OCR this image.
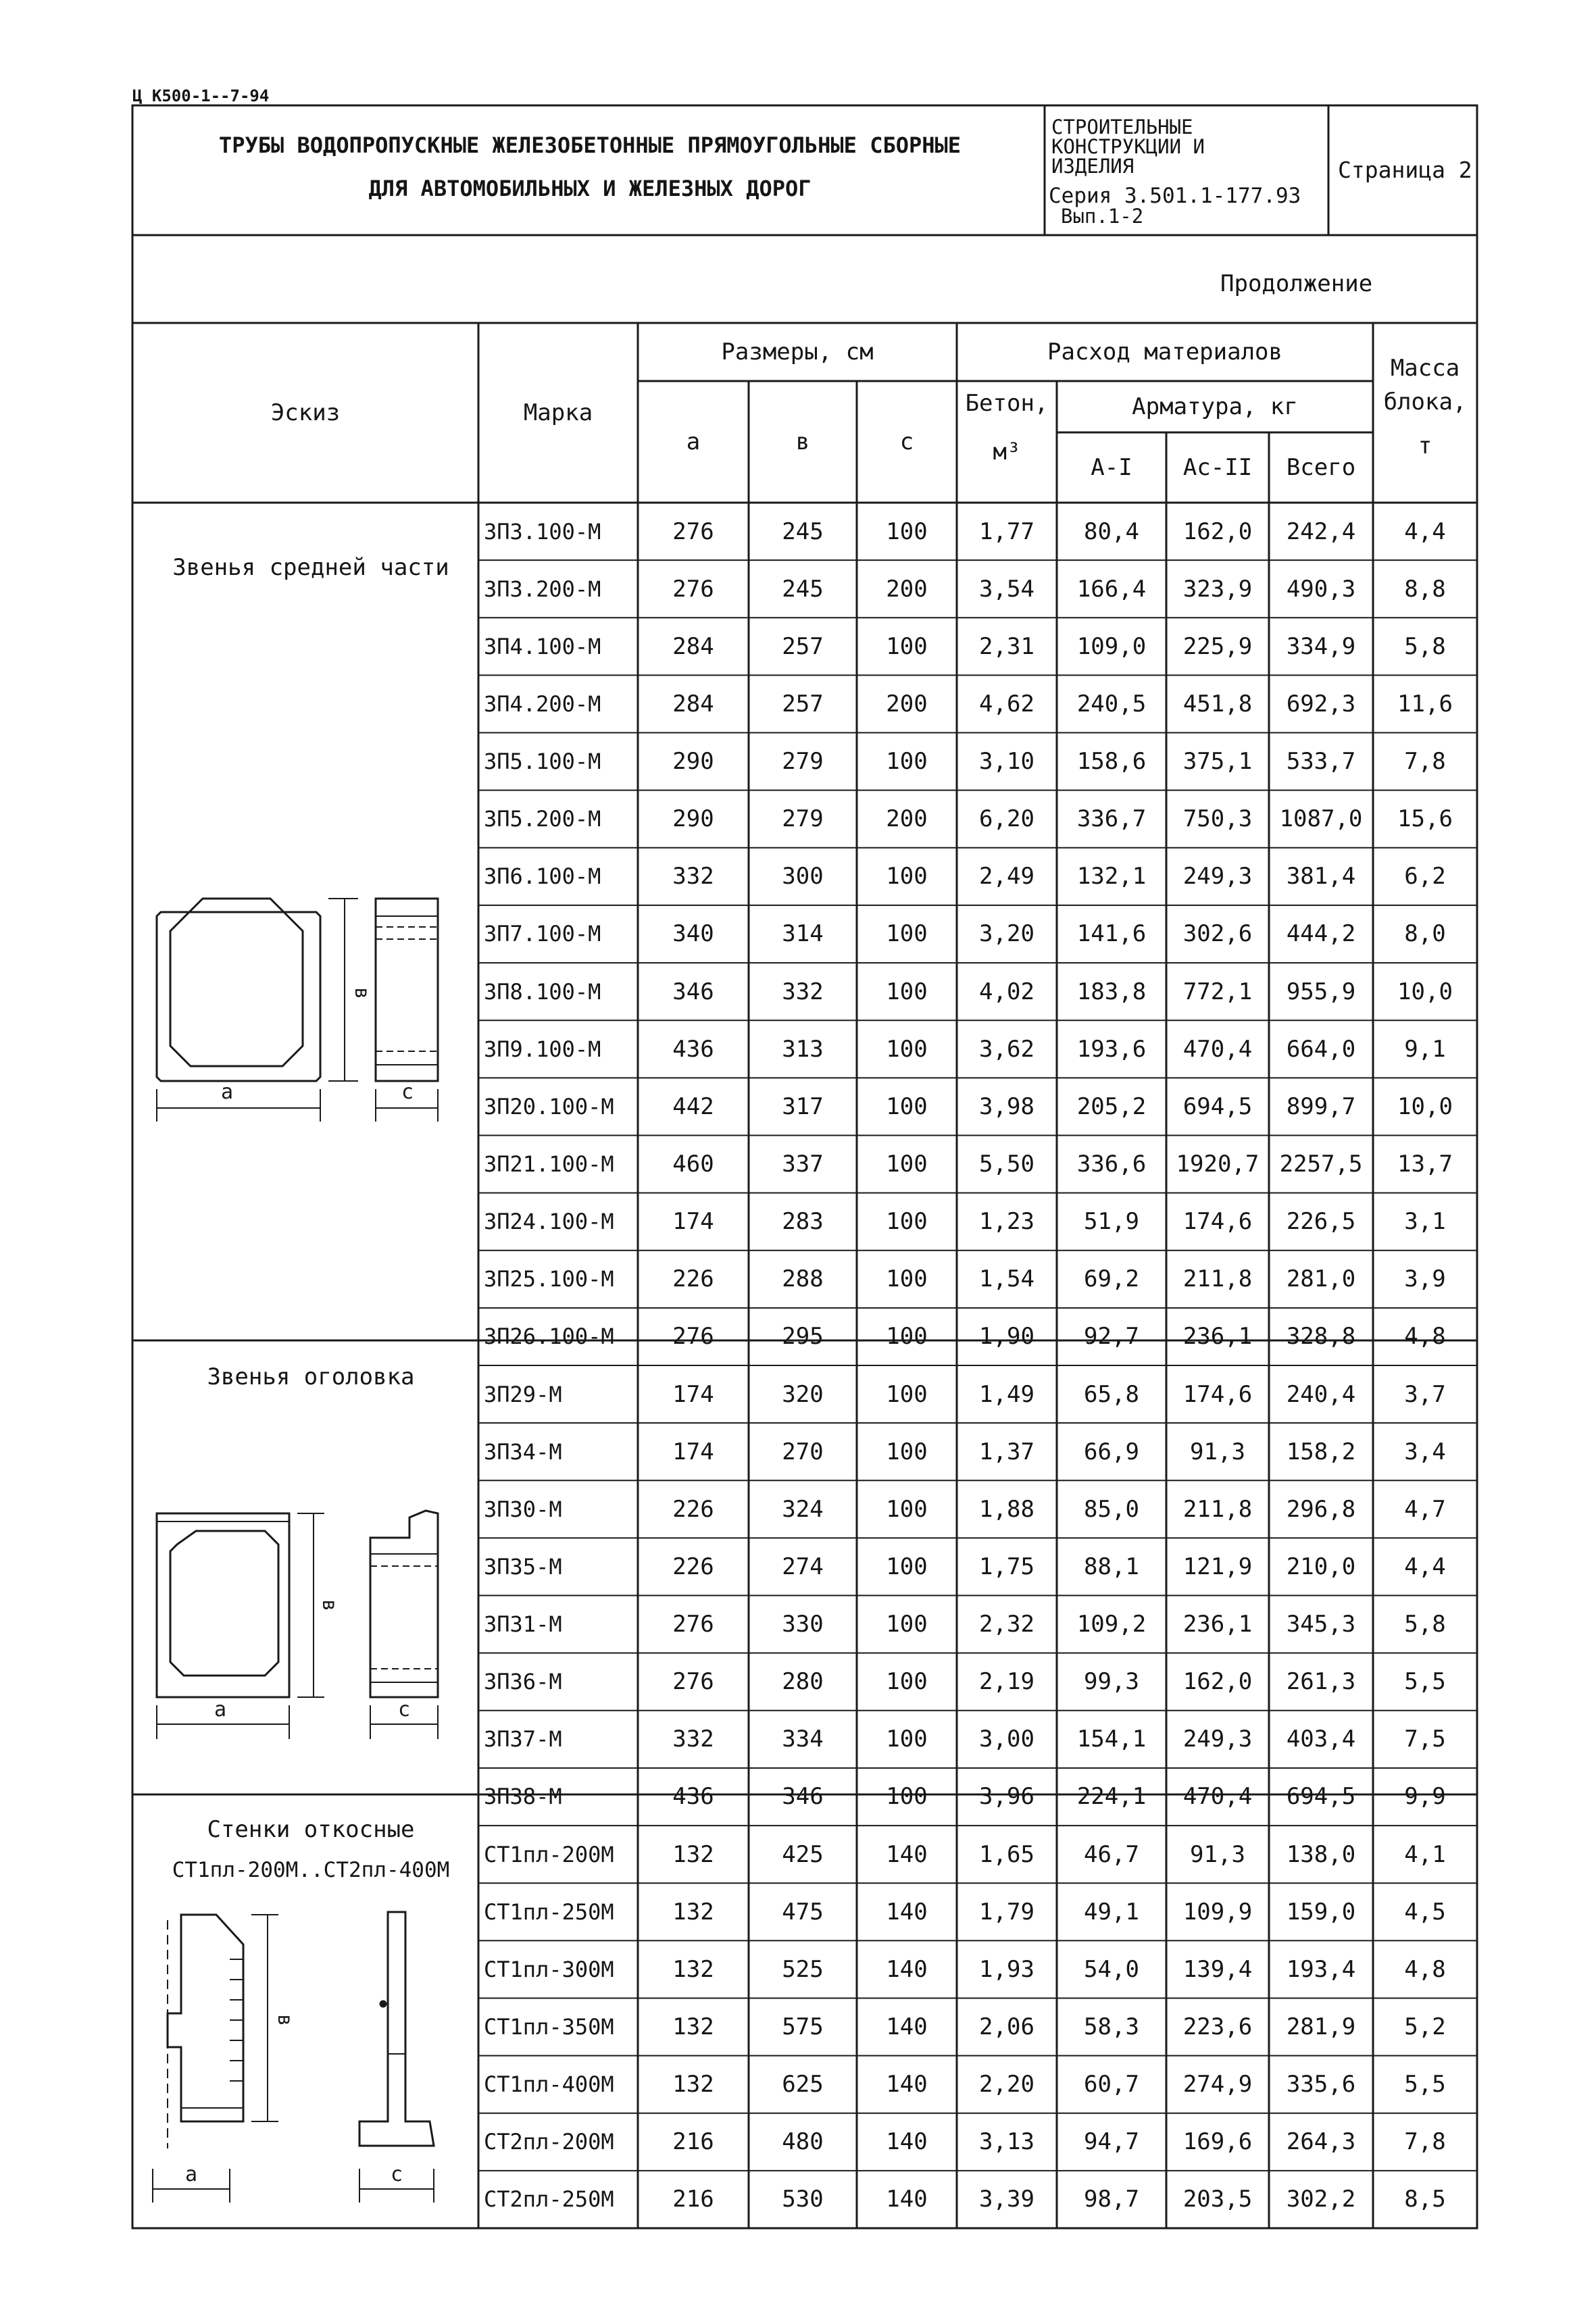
Ц К500-1--7-94
ТРУБЫ ВОДОПРОПУСКНЫЕ ЖЕЛЕЗОБЕТОННЫЕ ПРЯМОУГОЛЬНЫЕ СБОРНЫЕ
ДЛЯ АВТОМОБИЛЬНЫХ И ЖЕЛЕЗНЫХ ДОРОГ
СТРОИТЕЛЬНЫЕ
КОНСТРУКЦИИ И
ИЗДЕЛИЯ
Серия 3.501.1-177.93
Вып.1-2
Страница 2
Продолжение
Эскиз	Марка
Размеры, см
а	в	с
Расход материалов
Бетон,
м³
Арматура, кг
А-I	Ас-II	Всего
Масса
блока,
т
Звенья средней части
Звенья оголовка
Стенки откосные
СТ1пл-200М..СТ2пл-400М
а	с
в
а	с
в
а	с
в
3П3.100-М	276	245	100	1,77	80,4	162,0	242,4	4,4
3П3.200-М	276	245	200	3,54	166,4	323,9	490,3	8,8
3П4.100-М	284	257	100	2,31	109,0	225,9	334,9	5,8
3П4.200-М	284	257	200	4,62	240,5	451,8	692,3	11,6
3П5.100-М	290	279	100	3,10	158,6	375,1	533,7	7,8
3П5.200-М	290	279	200	6,20	336,7	750,3	1087,0	15,6
3П6.100-М	332	300	100	2,49	132,1	249,3	381,4	6,2
3П7.100-М	340	314	100	3,20	141,6	302,6	444,2	8,0
3П8.100-М	346	332	100	4,02	183,8	772,1	955,9	10,0
3П9.100-М	436	313	100	3,62	193,6	470,4	664,0	9,1
3П20.100-М	442	317	100	3,98	205,2	694,5	899,7	10,0
3П21.100-М	460	337	100	5,50	336,6	1920,7 2257,5	13,7
3П24.100-М	174	283	100	1,23	51,9	174,6	226,5	3,1
3П25.100-М	226	288	100	1,54	69,2	211,8	281,0	3,9
3П26.100-М	276	295	100	1,90	92,7	236,1	328,8	4,8
3П29-М	174	320	100	1,49	65,8	174,6	240,4	3,7
3П34-М	174	270	100	1,37	66,9	91,3	158,2	3,4
3П30-М	226	324	100	1,88	85,0	211,8	296,8	4,7
3П35-М	226	274	100	1,75	88,1	121,9	210,0	4,4
3П31-М	276	330	100	2,32	109,2	236,1	345,3	5,8
3П36-М	276	280	100	2,19	99,3	162,0	261,3	5,5
3П37-М	332	334	100	3,00	154,1	249,3	403,4	7,5
3П38-М	436	346	100	3,96	224,1	470,4	694,5	9,9
СТ1пл-200М	132	425	140	1,65	46,7	91,3	138,0	4,1
СТ1пл-250М	132	475	140	1,79	49,1	109,9	159,0	4,5
СТ1пл-300М	132	525	140	1,93	54,0	139,4	193,4	4,8
СТ1пл-350М	132	575	140	2,06	58,3	223,6	281,9	5,2
СТ1пл-400М	132	625	140	2,20	60,7	274,9	335,6	5,5
СТ2пл-200М	216	480	140	3,13	94,7	169,6	264,3	7,8
СТ2пл-250М	216	530	140	3,39	98,7	203,5	302,2	8,5
